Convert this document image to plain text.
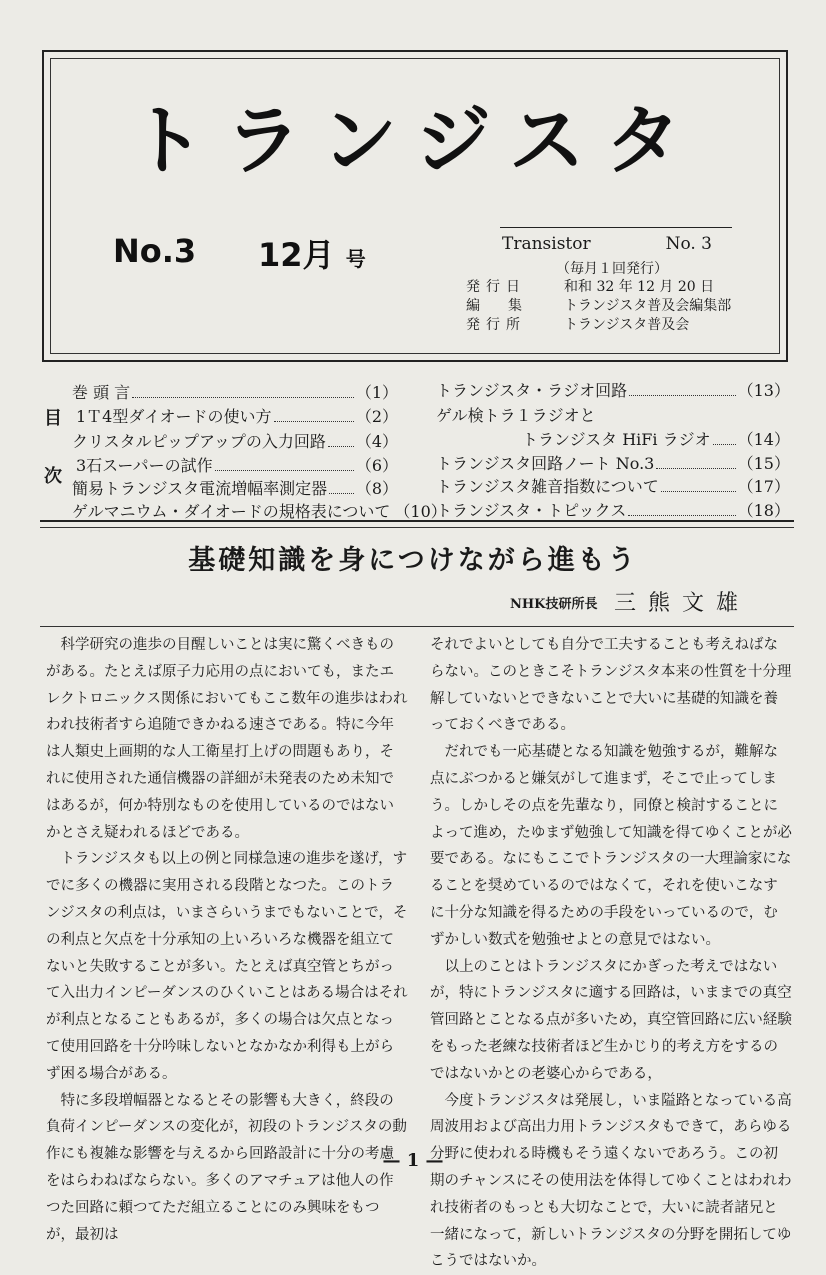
トランジスタ
No.3 12月 号
Transistor	No. 3
（毎月１回発行）
発行日	和和 32 年 12 月 20 日
編集	トランジスタ普及会編集部
発行所	トランジスタ普及会
目
次
巻 頭 言	（1）
1Ｔ4型ダイオードの使い方	（2）
クリスタルピップアップの入力回路 （4）
3石スーパーの試作	（6）
簡易トランジスタ電流増幅率測定器 （8）
ゲルマニウム・ダイオードの規格表について （10）
トランジスタ・ラジオ回路	（13）
ゲル検トラ１ラジオと
トランジスタ HiFi ラジオ （14）
トランジスタ回路ノート No.3	（15）
トランジスタ雑音指数について	（17）
トランジスタ・トピックス	（18）
基礎知識を身につけながら進もう
NHK技研所長 三熊文雄

科学研究の進歩の目醒しいことは実に驚くべきものがある。たとえば原子力応用の点においても，またエレクトロニックス関係においてもここ数年の進歩はわれわれ技術者すら追随できかねる速さである。特に今年は人類史上画期的な人工衛星打上げの問題もあり，それに使用された通信機器の詳細が未発表のため未知ではあるが，何か特別なものを使用しているのではないかとさえ疑われるほどである。

トランジスタも以上の例と同様急速の進歩を遂げ，すでに多くの機器に実用される段階となつた。このトランジスタの利点は，いまさらいうまでもないことで，その利点と欠点を十分承知の上いろいろな機器を組立てないと失敗することが多い。たとえば真空管とちがって入出力インピーダンスのひくいことはある場合はそれが利点となることもあるが，多くの場合は欠点となって使用回路を十分吟味しないとなかなか利得も上がらず困る場合がある。

特に多段増幅器となるとその影響も大きく，終段の負荷インピーダンスの変化が，初段のトランジスタの動作にも複雑な影響を与えるから回路設計に十分の考慮をはらわねばならない。多くのアマチュアは他人の作つた回路に頼つてただ組立ることにのみ興味をもつが，最初は

それでよいとしても自分で工夫することも考えねばならない。このときこそトランジスタ本来の性質を十分理解していないとできないことで大いに基礎的知識を養っておくべきである。

だれでも一応基礎となる知識を勉強するが，難解な点にぶつかると嫌気がして進まず，そこで止ってしまう。しかしその点を先輩なり，同僚と検討することによって進め，たゆまず勉強して知識を得てゆくことが必要である。なにもここでトランジスタの一大理論家になることを奨めているのではなくて，それを使いこなすに十分な知識を得るための手段をいっているので，むずかしい数式を勉強せよとの意見ではない。

以上のことはトランジスタにかぎった考えではないが，特にトランジスタに適する回路は，いままでの真空管回路とことなる点が多いため，真空管回路に広い経験をもった老練な技術者ほど生かじり的考え方をするのではないかとの老婆心からである，

今度トランジスタは発展し，いま隘路となっている高周波用および高出力用トランジスタもできて，あらゆる分野に使われる時機もそう遠くないであろう。この初期のチャンスにその使用法を体得してゆくことはわれわれ技術者のもっとも大切なことで，大いに読者諸兄と一緒になって，新しいトランジスタの分野を開拓してゆこうではないか。

— 1 —
